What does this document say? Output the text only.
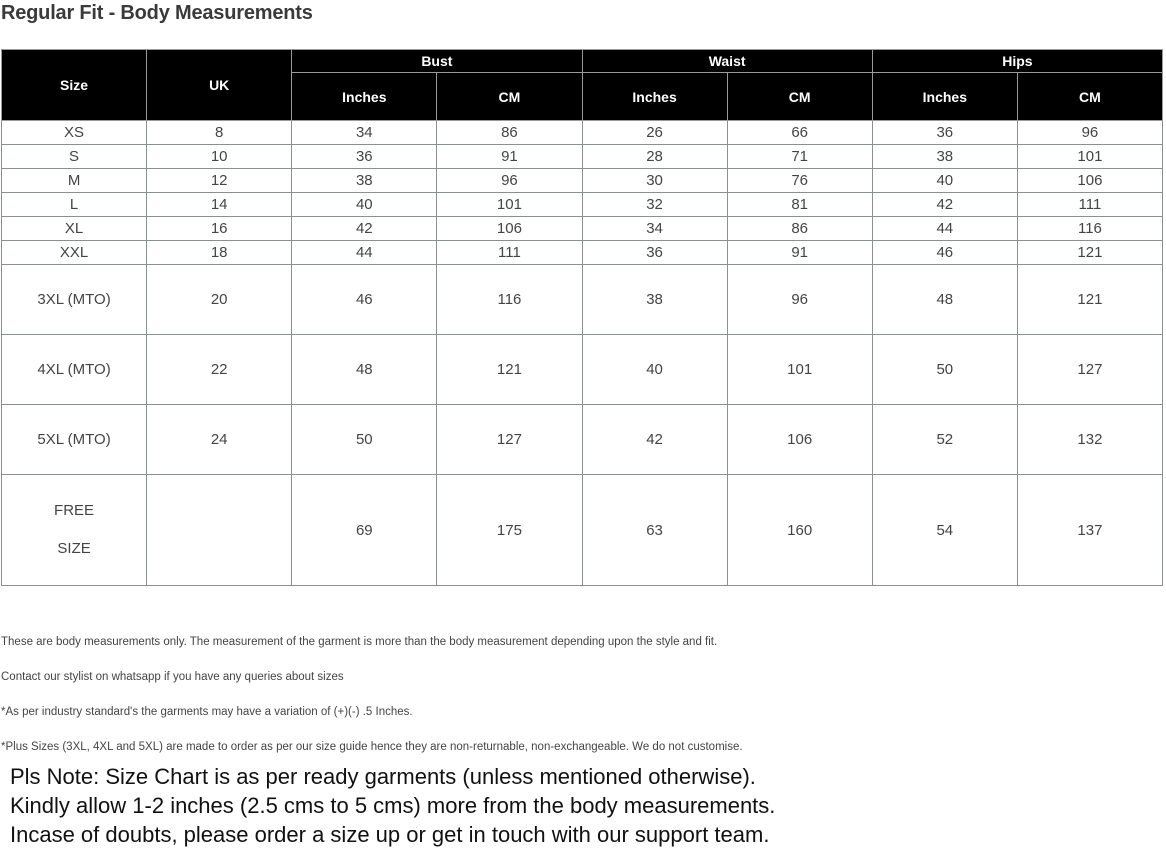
Regular Fit - Body Measurements
Size	UK	Bust		Waist		Hips	
		Inches	CM	Inches	CM	Inches	CM
XS	8	34	86	26	66	36	96
S	10	36	91	28	71	38	101
M	12	38	96	30	76	40	106
L	14	40	101	32	81	42	111
XL	16	42	106	34	86	44	116
XXL	18	44	111	36	91	46	121
3XL (MTO)	20	46	116	38	96	48	121
4XL (MTO)	22	48	121	40	101	50	127
5XL (MTO)	24	50	127	42	106	52	132

FREE
SIZE		69	175	63	160	54	137

These are body measurements only. The measurement of the garment is more than the body measurement depending upon the style and fit.

Contact our stylist on whatsapp if you have any queries about sizes

*As per industry standard's the garments may have a variation of (+)(-) .5 Inches.

*Plus Sizes (3XL, 4XL and 5XL) are made to order as per our size guide hence they are non-returnable, non-exchangeable. We do not customise.

Pls Note: Size Chart is as per ready garments (unless mentioned otherwise).

Kindly allow 1-2 inches (2.5 cms to 5 cms) more from the body measurements.

Incase of doubts, please order a size up or get in touch with our support team.
